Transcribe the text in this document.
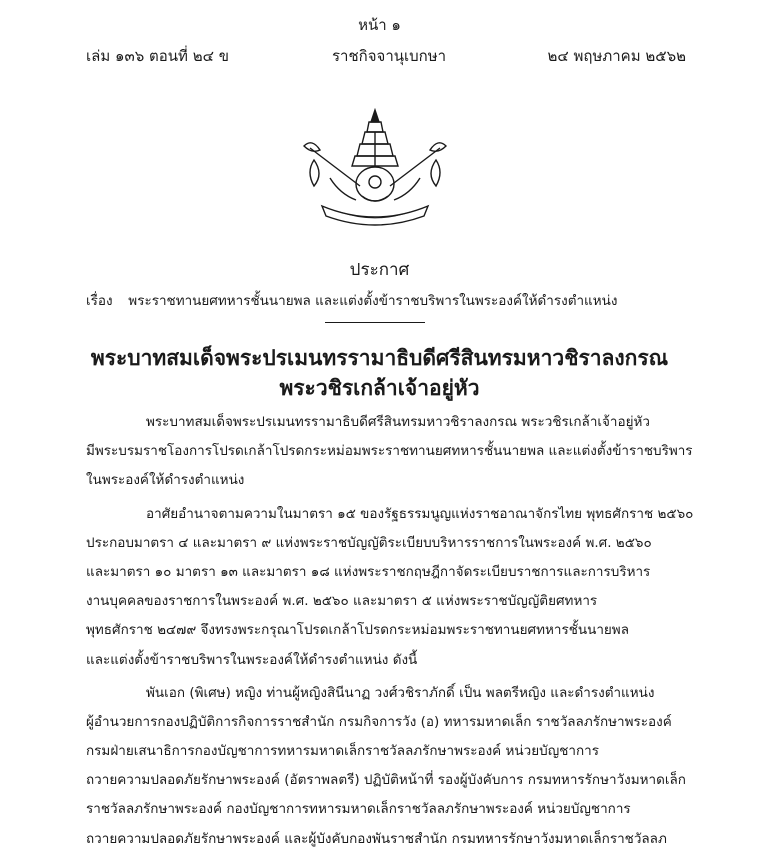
หน้า ๑
เล่ม ๑๓๖ ตอนที่ ๒๔ ข	ราชกิจจานุเบกษา	๒๔ พฤษภาคม ๒๕๖๒
ประกาศ
เรื่อง พระราชทานยศทหารชั้นนายพล และแต่งตั้งข้าราชบริพารในพระองค์ให้ดำรงตำแหน่ง
พระบาทสมเด็จพระปรเมนทรรามาธิบดีศรีสินทรมหาวชิราลงกรณ
พระวชิรเกล้าเจ้าอยู่หัว
พระบาทสมเด็จพระปรเมนทรรามาธิบดีศรีสินทรมหาวชิราลงกรณ พระวชิรเกล้าเจ้าอยู่หัว
มีพระบรมราชโองการโปรดเกล้าโปรดกระหม่อมพระราชทานยศทหารชั้นนายพล และแต่งตั้งข้าราชบริพาร
ในพระองค์ให้ดำรงตำแหน่ง
อาศัยอำนาจตามความในมาตรา ๑๕ ของรัฐธรรมนูญแห่งราชอาณาจักรไทย พุทธศักราช ๒๕๖๐
ประกอบมาตรา ๔ และมาตรา ๙ แห่งพระราชบัญญัติระเบียบบริหารราชการในพระองค์ พ.ศ. ๒๕๖๐
และมาตรา ๑๐ มาตรา ๑๓ และมาตรา ๑๘ แห่งพระราชกฤษฎีกาจัดระเบียบราชการและการบริหาร
งานบุคคลของราชการในพระองค์ พ.ศ. ๒๕๖๐ และมาตรา ๕ แห่งพระราชบัญญัติยศทหาร
พุทธศักราช ๒๔๗๙ จึงทรงพระกรุณาโปรดเกล้าโปรดกระหม่อมพระราชทานยศทหารชั้นนายพล
และแต่งตั้งข้าราชบริพารในพระองค์ให้ดำรงตำแหน่ง ดังนี้
พันเอก (พิเศษ) หญิง ท่านผู้หญิงสินีนาฏ วงศ์วชิราภักดิ์ เป็น พลตรีหญิง และดำรงตำแหน่ง
ผู้อำนวยการกองปฏิบัติการกิจการราชสำนัก กรมกิจการวัง (อ) ทหารมหาดเล็ก ราชวัลลภรักษาพระองค์
กรมฝ่ายเสนาธิการกองบัญชาการทหารมหาดเล็กราชวัลลภรักษาพระองค์ หน่วยบัญชาการ
ถวายความปลอดภัยรักษาพระองค์ (อัตราพลตรี) ปฏิบัติหน้าที่ รองผู้บังคับการ กรมทหารรักษาวังมหาดเล็ก
ราชวัลลภรักษาพระองค์ กองบัญชาการทหารมหาดเล็กราชวัลลภรักษาพระองค์ หน่วยบัญชาการ
ถวายความปลอดภัยรักษาพระองค์ และผู้บังคับกองพันราชสำนัก กรมทหารรักษาวังมหาดเล็กราชวัลลภ
